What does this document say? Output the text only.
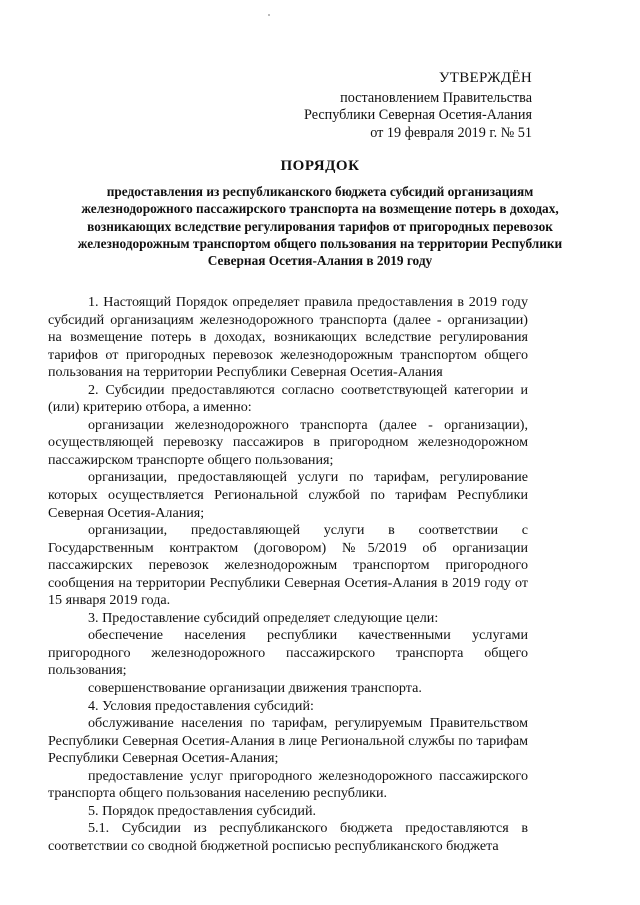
УТВЕРЖДЁН
постановлением Правительства
Республики Северная Осетия-Алания
от 19 февраля 2019 г. № 51
ПОРЯДОК
предоставления из республиканского бюджета субсидий организациям железнодорожного пассажирского транспорта на возмещение потерь в доходах, возникающих вследствие регулирования тарифов от пригородных перевозок железнодорожным транспортом общего пользования на территории Республики Северная Осетия-Алания в 2019 году

1. Настоящий Порядок определяет правила предоставления в 2019 году субсидий организациям железнодорожного транспорта (далее - организации) на возмещение потерь в доходах, возникающих вследствие регулирования тарифов от пригородных перевозок железнодорожным транспортом общего пользования на территории Республики Северная Осетия-Алания

2. Субсидии предоставляются согласно соответствующей категории и (или) критерию отбора, а именно:

организации железнодорожного транспорта (далее - организации), осуществляющей перевозку пассажиров в пригородном железнодорожном пассажирском транспорте общего пользования;

организации, предоставляющей услуги по тарифам, регулирование которых осуществляется Региональной службой по тарифам Республики Северная Осетия-Алания;

организации, предоставляющей услуги в соответствии с Государственным контрактом (договором) №5/2019 об организации пассажирских перевозок железнодорожным транспортом пригородного сообщения на территории Республики Северная Осетия-Алания в 2019 году от 15 января 2019 года.

3. Предоставление субсидий определяет следующие цели:

обеспечение населения республики качественными услугами пригородного железнодорожного пассажирского транспорта общего пользования;

совершенствование организации движения транспорта.

4. Условия предоставления субсидий:

обслуживание населения по тарифам, регулируемым Правительством Республики Северная Осетия-Алания в лице Региональной службы по тарифам Республики Северная Осетия-Алания;

предоставление услуг пригородного железнодорожного пассажирского транспорта общего пользования населению республики.

5. Порядок предоставления субсидий.

5.1. Субсидии из республиканского бюджета предоставляются в соответствии со сводной бюджетной росписью республиканского бюджета
